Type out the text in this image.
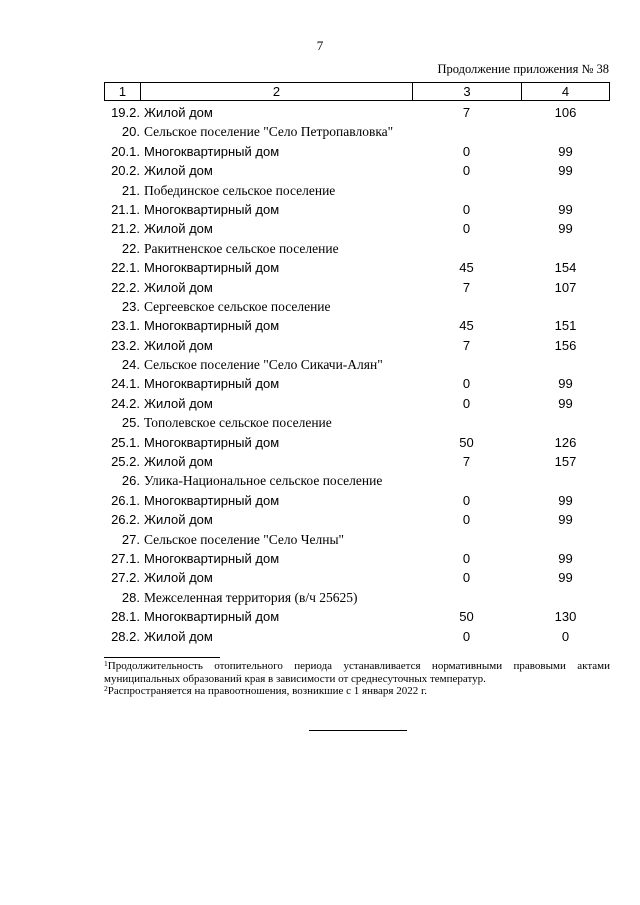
7
Продолжение приложения № 38
1	2	3	4
19.2. Жилой дом	7	106
20. Сельское поселение "Село Петропавловка"
20.1. Многоквартирный дом	0	99
20.2. Жилой дом	0	99
21. Побединское сельское поселение
21.1. Многоквартирный дом	0	99
21.2. Жилой дом	0	99
22. Ракитненское сельское поселение
22.1. Многоквартирный дом	45	154
22.2. Жилой дом	7	107
23. Сергеевское сельское поселение
23.1. Многоквартирный дом	45	151
23.2. Жилой дом	7	156
24. Сельское поселение "Село Сикачи-Алян"
24.1. Многоквартирный дом	0	99
24.2. Жилой дом	0	99
25. Тополевское сельское поселение
25.1. Многоквартирный дом	50	126
25.2. Жилой дом	7	157
26. Улика-Национальное сельское поселение
26.1. Многоквартирный дом	0	99
26.2. Жилой дом	0	99
27. Сельское поселение "Село Челны"
27.1. Многоквартирный дом	0	99
27.2. Жилой дом	0	99
28. Межселенная территория (в/ч 25625)
28.1. Многоквартирный дом	50	130
28.2. Жилой дом	0	0
$^1$Продолжительность отопительного периода устанавливается нормативными правовыми актами муниципальных образований края в зависимости от среднесуточных температур.
$^2$Распространяется на правоотношения, возникшие с 1 января 2022 г.
